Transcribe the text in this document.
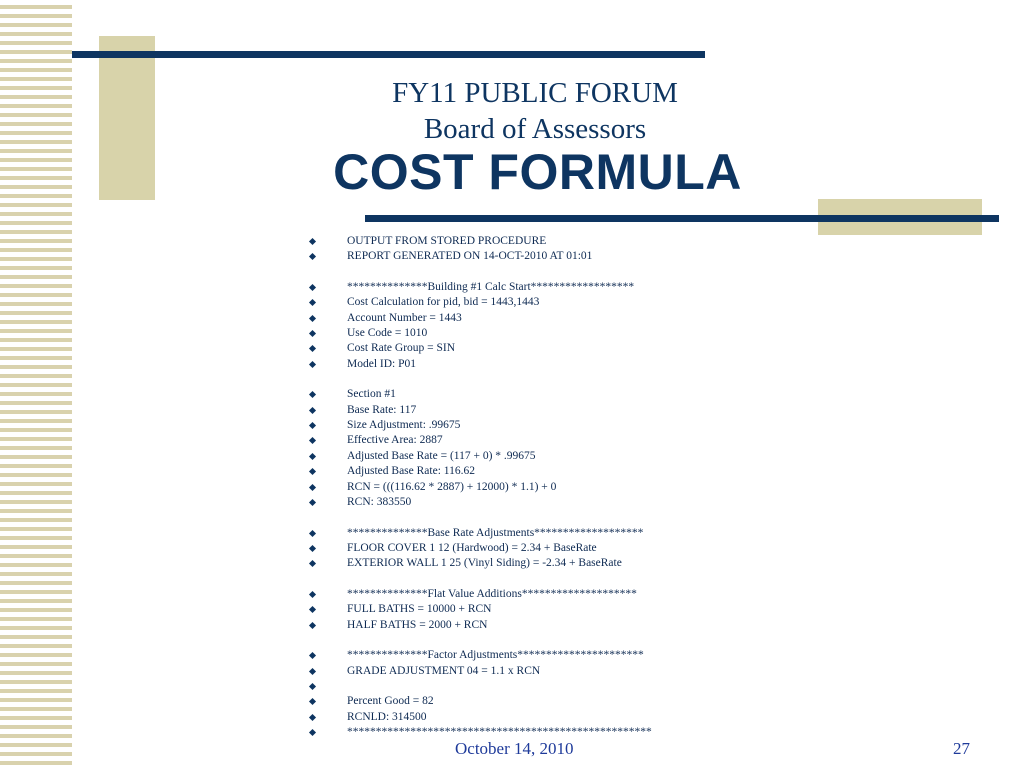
FY11 PUBLIC FORUM
Board of Assessors
COST FORMULA
OUTPUT FROM STORED PROCEDURE
REPORT GENERATED ON 14-OCT-2010 AT 01:01
**************Building #1 Calc Start******************
Cost Calculation for pid, bid = 1443,1443
Account Number = 1443
Use Code = 1010
Cost Rate Group = SIN
Model ID: P01
Section #1
Base Rate: 117
Size Adjustment: .99675
Effective Area: 2887
Adjusted Base Rate = (117 + 0) * .99675
Adjusted Base Rate: 116.62
RCN = (((116.62 * 2887) + 12000) * 1.1) + 0
RCN: 383550
**************Base Rate Adjustments*******************
FLOOR COVER 1 12 (Hardwood) = 2.34 + BaseRate
EXTERIOR WALL 1 25 (Vinyl Siding) = -2.34 + BaseRate
**************Flat Value Additions********************
FULL BATHS = 10000 + RCN
HALF BATHS = 2000 + RCN
**************Factor Adjustments**********************
GRADE ADJUSTMENT 04 = 1.1 x RCN
Percent Good = 82
RCNLD: 314500
*****************************************************
October 14, 2010	27
